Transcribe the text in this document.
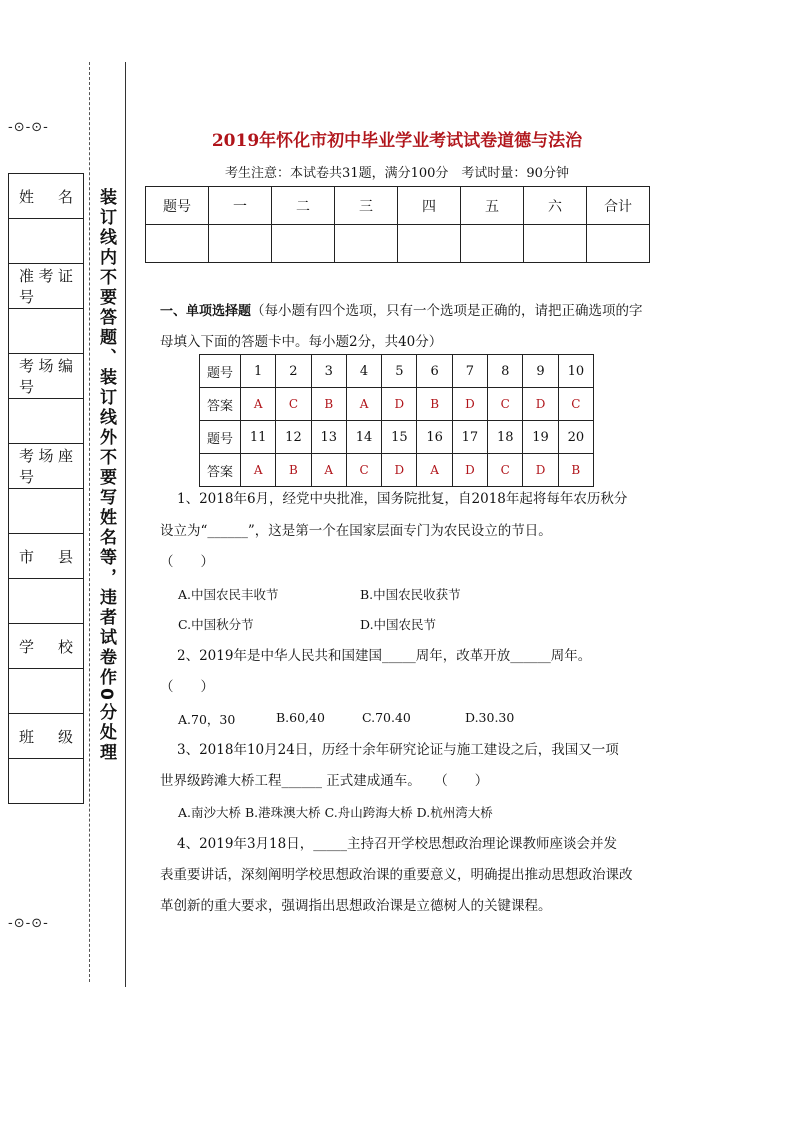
-⊙-⊙-
-⊙-⊙-
姓 名

准考证号

考场编号

考场座号

市 县

学 校

班 级 装订线内不要答题、装订线外不要写姓名等，违者试卷作0分处理
2019年怀化市初中毕业学业考试试卷道德与法治
考生注意：本试卷共31题，满分100分　考试时量：90分钟
题号	一	二	三	四	五	六	合计

一、单项选择题（每小题有四个选项，只有一个选项是正确的，请把正确选项的字母填入下面的答题卡中。每小题2分，共40分）
题号	1	2	3	4	5	6	7	8	9	10
答案	A	C	B	A	D	B	D	C	D	C
题号	11	12	13	14	15	16	17	18	19	20
答案	A	B	A	C	D	A	D	C	D	B
1、2018年6月，经党中央批准，国务院批复，自2018年起将每年农历秋分
设立为“______”，这是第一个在国家层面专门为农民设立的节日。
（　　）
A.中国农民丰收节	B.中国农民收获节
C.中国秋分节	D.中国农民节
2、2019年是中华人民共和国建国_____周年，改革开放______周年。
（　　）
A.70，30	B.60,40	C.70.40	D.30.30
3、2018年10月24日，历经十余年研究论证与施工建设之后，我国又一项
世界级跨滩大桥工程______ 正式建成通车。　　（　　）
A.南沙大桥 B.港珠澳大桥 C.舟山跨海大桥 D.杭州湾大桥
4、2019年3月18日，_____主持召开学校思想政治理论课教师座谈会并发
表重要讲话，深刻阐明学校思想政治课的重要意义，明确提出推动思想政治课改
革创新的重大要求，强调指出思想政治课是立德树人的关键课程。
